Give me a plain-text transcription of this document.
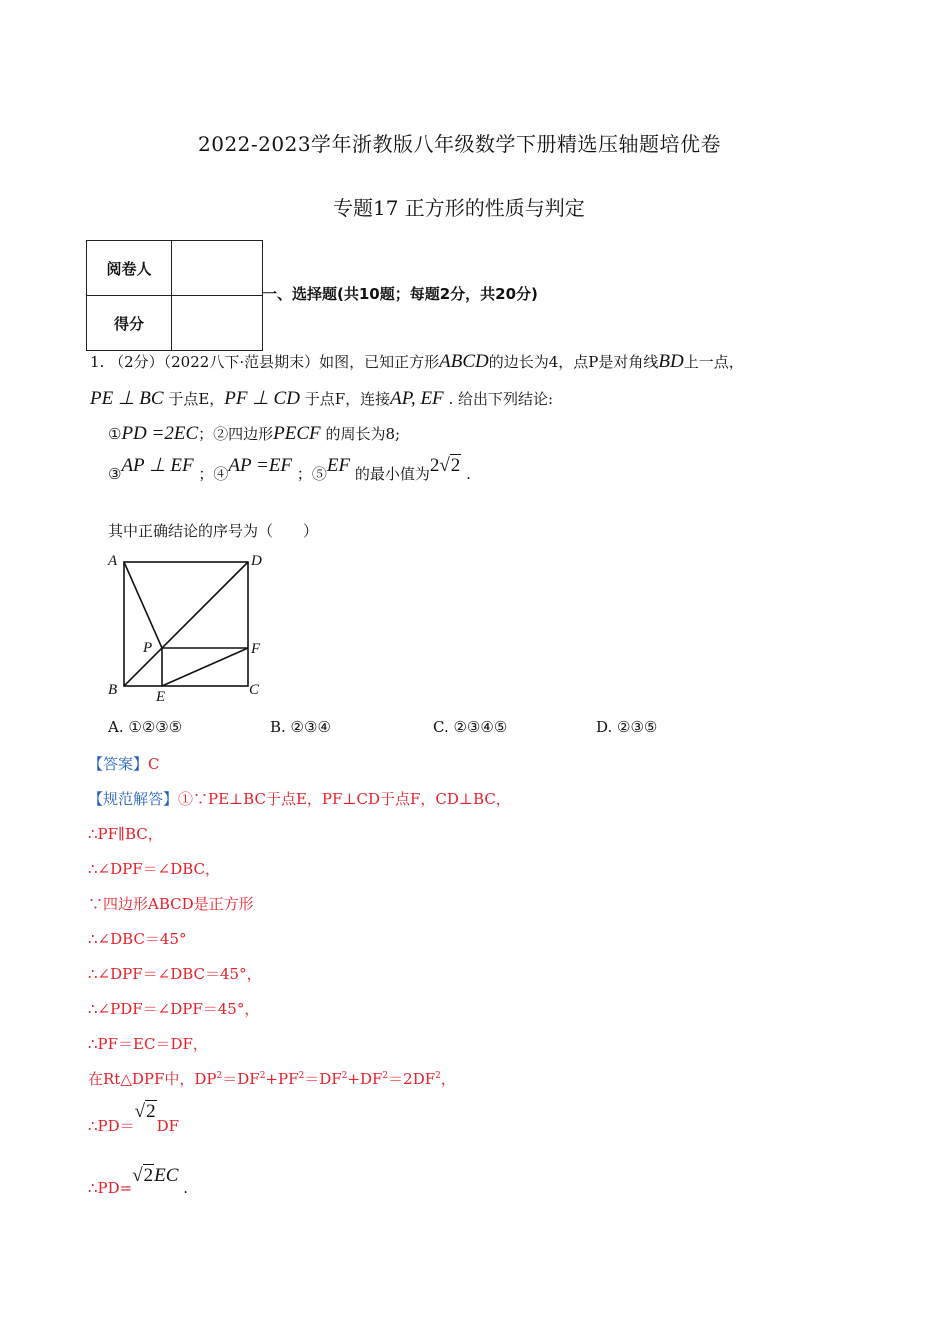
2022-2023学年浙教版八年级数学下册精选压轴题培优卷
专题17 正方形的性质与判定
阅卷人	
得分	
一、选择题(共10题；每题2分，共20分)
1. （2分）（2022八下·范县期末）如图，已知正方形ABCD的边长为4，点P是对角线BD上一点，
PE ⊥ BC 于点E，PF ⊥ CD 于点F，连接AP, EF . 给出下列结论:
①PD =2EC；②四边形PECF 的周长为8;
③AP ⊥ EF ；④AP =EF ；⑤EF 的最小值为2√2 .
其中正确结论的序号为（　　）
A	D
P	F
B	E	C
A. ①②③⑤	B. ②③④	C. ②③④⑤	D. ②③⑤
【答案】C
【规范解答】①∵PE⊥BC于点E，PF⊥CD于点F，CD⊥BC，
∴PF∥BC，
∴∠DPF＝∠DBC，
∵四边形ABCD是正方形
∴∠DBC＝45°
∴∠DPF＝∠DBC＝45°，
∴∠PDF＝∠DPF＝45°，
∴PF＝EC＝DF，
在Rt△DPF中，$DP^2=DF^2+PF^2=DF^2+DF^2=2DF^2$，
∴PD＝√2DF
∴PD=√2EC .
